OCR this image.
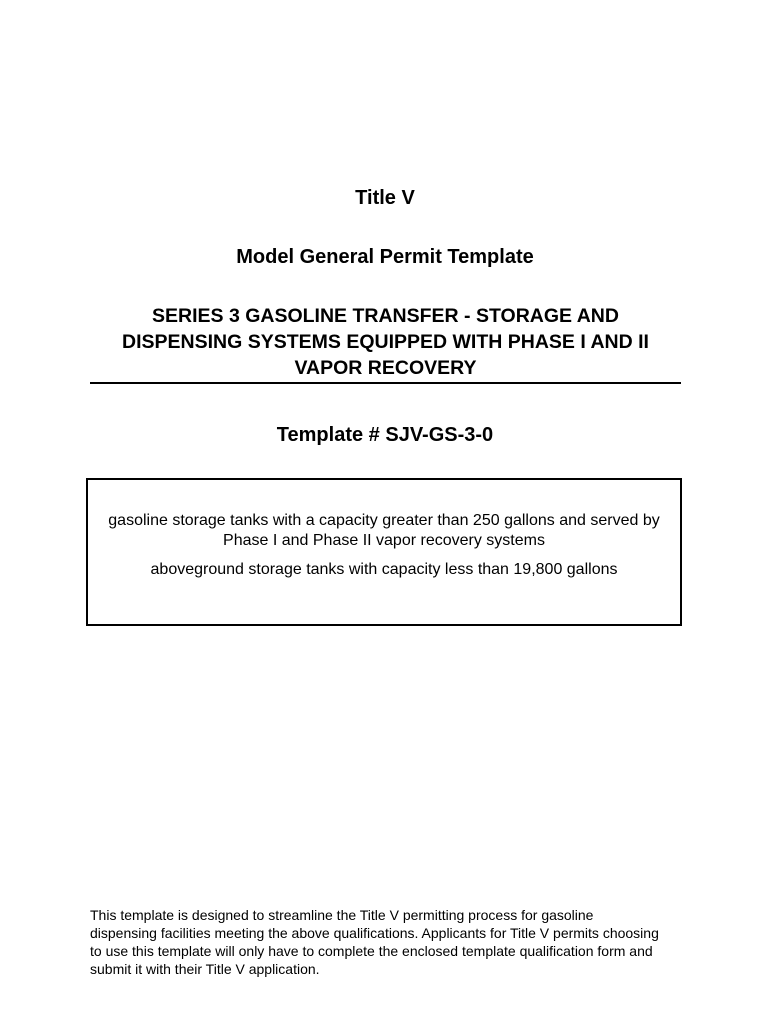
Title V
Model General Permit Template
SERIES 3 GASOLINE TRANSFER - STORAGE AND DISPENSING SYSTEMS EQUIPPED WITH PHASE I AND II VAPOR RECOVERY
Template # SJV-GS-3-0

gasoline storage tanks with a capacity greater than 250 gallons and served by Phase I and Phase II vapor recovery systems

aboveground storage tanks with capacity less than 19,800 gallons

This template is designed to streamline the Title V permitting process for gasoline dispensing facilities meeting the above qualifications. Applicants for Title V permits choosing to use this template will only have to complete the enclosed template qualification form and submit it with their Title V application.
